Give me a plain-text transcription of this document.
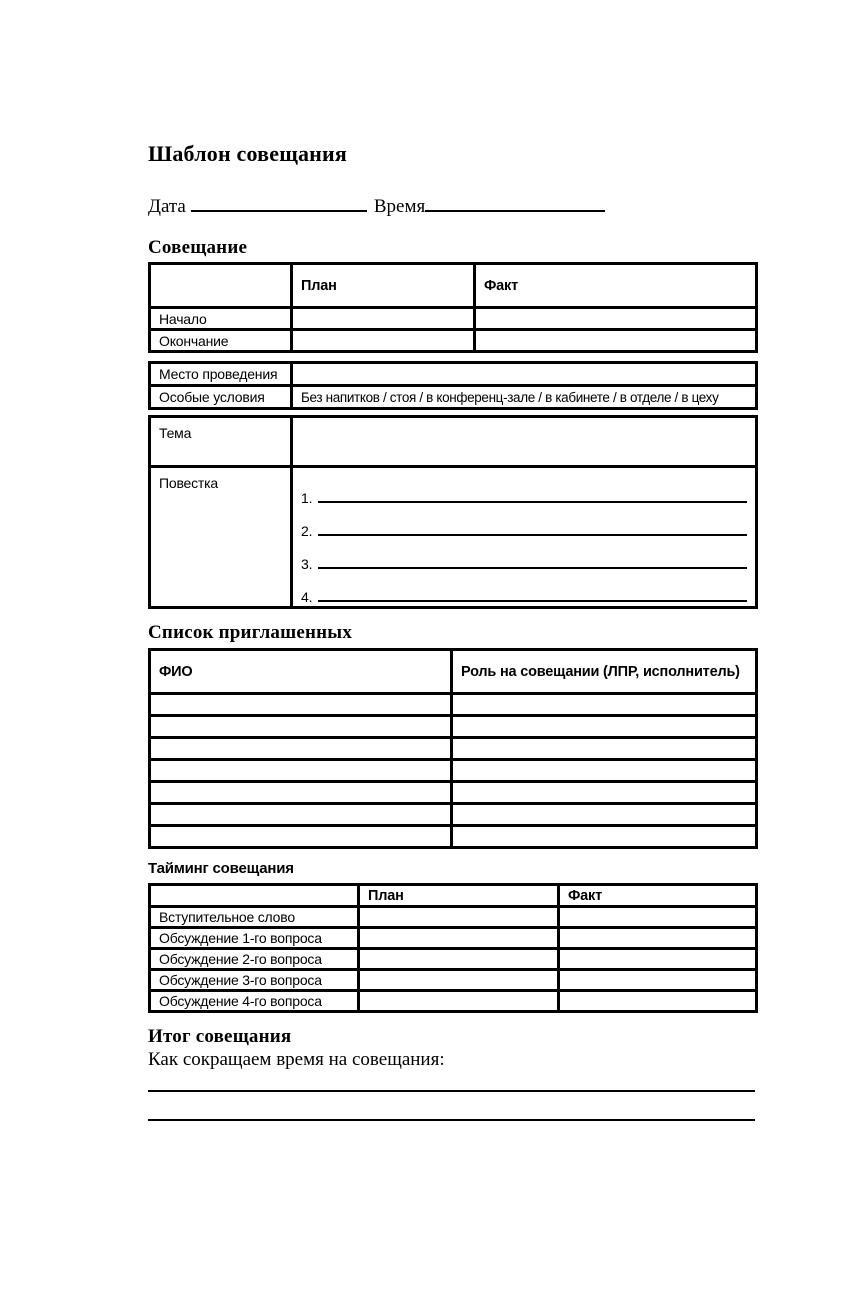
Шаблон совещания

Дата	Время

Совещание
	План	Факт
Начало		
Окончание		
Место проведения	
Особые условия	Без напитков / стоя / в конференц-зале / в кабинете / в отделе / в цеху
Тема	
Повестка	1.
2.
3.
4.
Список приглашенных
ФИО	Роль на совещании (ЛПР, исполнитель)

Тайминг совещания
	План	Факт
Вступительное слово		
Обсуждение 1-го вопроса		
Обсуждение 2-го вопроса		
Обсуждение 3-го вопроса		
Обсуждение 4-го вопроса		
Итог совещания

Как сокращаем время на совещания:
